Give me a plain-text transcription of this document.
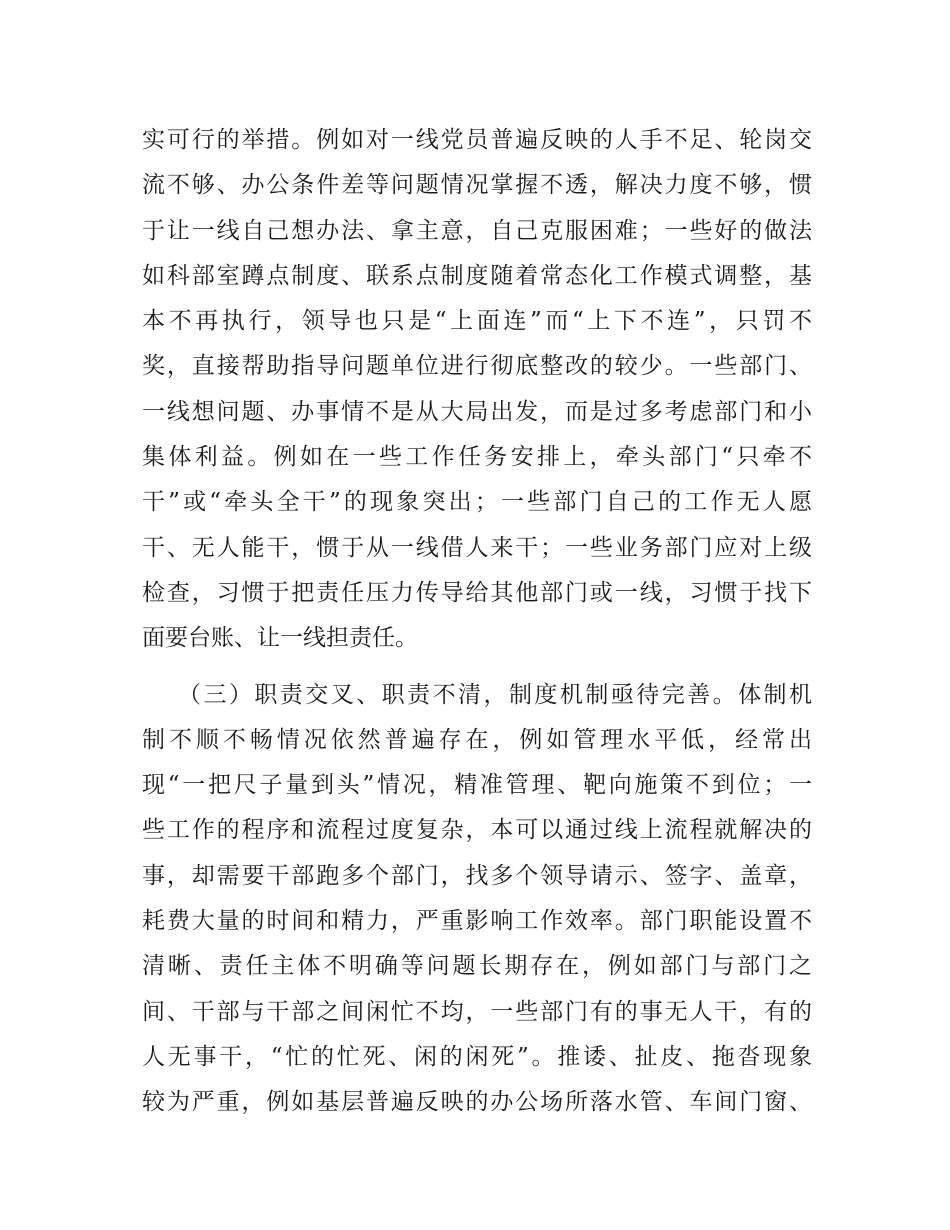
实可行的举措。例如对一线党员普遍反映的人手不足、轮岗交
流不够、办公条件差等问题情况掌握不透，解决力度不够，惯
于让一线自己想办法、拿主意，自己克服困难；一些好的做法
如科部室蹲点制度、联系点制度随着常态化工作模式调整，基
本不再执行，领导也只是“上面连”而“上下不连”，只罚不
奖，直接帮助指导问题单位进行彻底整改的较少。一些部门、
一线想问题、办事情不是从大局出发，而是过多考虑部门和小
集体利益。例如在一些工作任务安排上，牵头部门“只牵不
干”或“牵头全干”的现象突出；一些部门自己的工作无人愿
干、无人能干，惯于从一线借人来干；一些业务部门应对上级
检查，习惯于把责任压力传导给其他部门或一线，习惯于找下
面要台账、让一线担责任。
（三）职责交叉、职责不清，制度机制亟待完善。体制机
制不顺不畅情况依然普遍存在，例如管理水平低，经常出
现“一把尺子量到头”情况，精准管理、靶向施策不到位；一
些工作的程序和流程过度复杂，本可以通过线上流程就解决的
事，却需要干部跑多个部门，找多个领导请示、签字、盖章，
耗费大量的时间和精力，严重影响工作效率。部门职能设置不
清晰、责任主体不明确等问题长期存在，例如部门与部门之
间、干部与干部之间闲忙不均，一些部门有的事无人干，有的
人无事干，“忙的忙死、闲的闲死”。推诿、扯皮、拖沓现象
较为严重，例如基层普遍反映的办公场所落水管、车间门窗、
